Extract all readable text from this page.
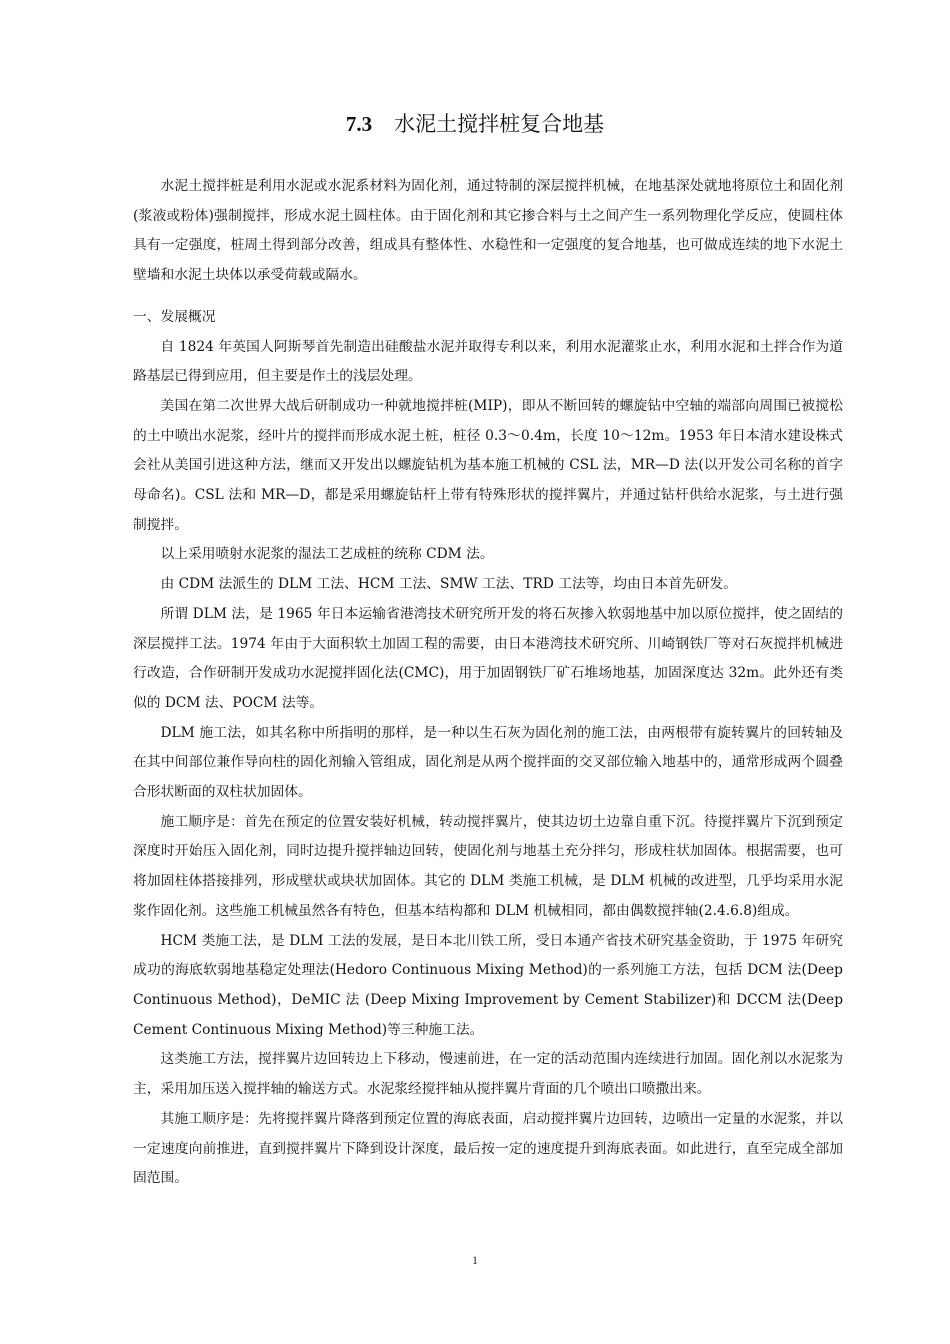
7.3 水泥土搅拌桩复合地基

水泥土搅拌桩是利用水泥或水泥系材料为固化剂，通过特制的深层搅拌机械，在地基深处就地将原位土和固化剂(浆液或粉体)强制搅拌，形成水泥土圆柱体。由于固化剂和其它掺合料与土之间产生一系列物理化学反应，使圆柱体具有一定强度，桩周土得到部分改善，组成具有整体性、水稳性和一定强度的复合地基，也可做成连续的地下水泥土壁墙和水泥土块体以承受荷载或隔水。

一、发展概况

自 1824 年英国人阿斯琴首先制造出硅酸盐水泥并取得专利以来，利用水泥灌浆止水，利用水泥和土拌合作为道路基层已得到应用，但主要是作土的浅层处理。

美国在第二次世界大战后研制成功一种就地搅拌桩(MIP)，即从不断回转的螺旋钻中空轴的端部向周围已被搅松的土中喷出水泥浆，经叶片的搅拌而形成水泥土桩，桩径 0.3～0.4m，长度 10～12m。1953 年日本清水建设株式会社从美国引进这种方法，继而又开发出以螺旋钻机为基本施工机械的 CSL 法，MR—D 法(以开发公司名称的首字母命名)。CSL 法和 MR—D，都是采用螺旋钻杆上带有特殊形状的搅拌翼片，并通过钻杆供给水泥浆，与土进行强制搅拌。

以上采用喷射水泥浆的湿法工艺成桩的统称 CDM 法。

由 CDM 法派生的 DLM 工法、HCM 工法、SMW 工法、TRD 工法等，均由日本首先研发。

所谓 DLM 法，是 1965 年日本运输省港湾技术研究所开发的将石灰掺入软弱地基中加以原位搅拌，使之固结的深层搅拌工法。1974 年由于大面积软土加固工程的需要，由日本港湾技术研究所、川崎钢铁厂等对石灰搅拌机械进行改造，合作研制开发成功水泥搅拌固化法(CMC)，用于加固钢铁厂矿石堆场地基，加固深度达 32m。此外还有类似的 DCM 法、POCM 法等。

DLM 施工法，如其名称中所指明的那样，是一种以生石灰为固化剂的施工法，由两根带有旋转翼片的回转轴及在其中间部位兼作导向柱的固化剂输入管组成，固化剂是从两个搅拌面的交叉部位输入地基中的，通常形成两个圆叠合形状断面的双柱状加固体。

施工顺序是：首先在预定的位置安装好机械，转动搅拌翼片，使其边切土边靠自重下沉。待搅拌翼片下沉到预定深度时开始压入固化剂，同时边提升搅拌轴边回转，使固化剂与地基土充分拌匀，形成柱状加固体。根据需要，也可将加固柱体搭接排列，形成壁状或块状加固体。其它的 DLM 类施工机械，是 DLM 机械的改进型，几乎均采用水泥浆作固化剂。这些施工机械虽然各有特色，但基本结构都和 DLM 机械相同，都由偶数搅拌轴(2.4.6.8)组成。

HCM 类施工法，是 DLM 工法的发展，是日本北川铁工所，受日本通产省技术研究基金资助，于 1975 年研究成功的海底软弱地基稳定处理法(Hedoro Continuous Mixing Method)的一系列施工方法，包括 DCM 法(Deep Continuous Method)，DeMIC 法 (Deep Mixing Improvement by Cement Stabilizer)和 DCCM 法(Deep Cement Continuous Mixing Method)等三种施工法。

这类施工方法，搅拌翼片边回转边上下移动，慢速前进，在一定的活动范围内连续进行加固。固化剂以水泥浆为主，采用加压送入搅拌轴的输送方式。水泥浆经搅拌轴从搅拌翼片背面的几个喷出口喷撒出来。

其施工顺序是：先将搅拌翼片降落到预定位置的海底表面，启动搅拌翼片边回转，边喷出一定量的水泥浆，并以一定速度向前推进，直到搅拌翼片下降到设计深度，最后按一定的速度提升到海底表面。如此进行，直至完成全部加固范围。

1
